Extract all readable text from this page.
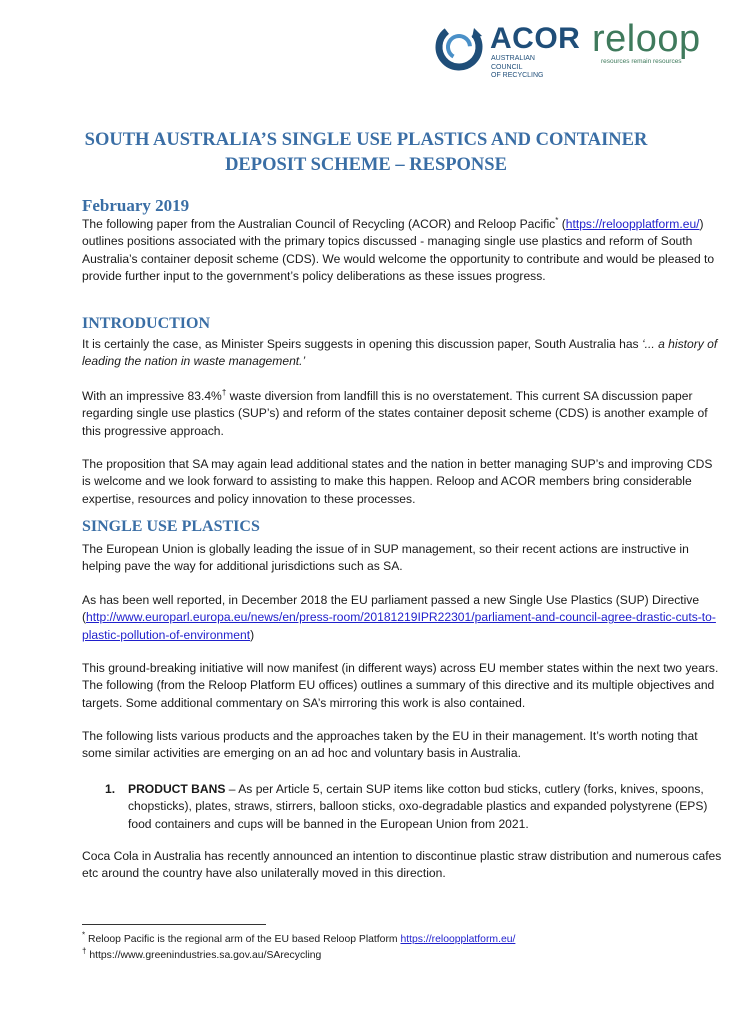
ACOR
AUSTRALIAN COUNCIL
OF RECYCLING
reloop
resources remain resources
SOUTH AUSTRALIA’S SINGLE USE PLASTICS AND CONTAINER DEPOSIT SCHEME – RESPONSE
February 2019

The following paper from the Australian Council of Recycling (ACOR) and Reloop Pacific* (https://reloopplatform.eu/) outlines positions associated with the primary topics discussed - managing single use plastics and reform of South Australia’s container deposit scheme (CDS). We would welcome the opportunity to contribute and would be pleased to provide further input to the government’s policy deliberations as these issues progress.

INTRODUCTION

It is certainly the case, as Minister Speirs suggests in opening this discussion paper, South Australia has ‘... a history of leading the nation in waste management.’

With an impressive 83.4%† waste diversion from landfill this is no overstatement. This current SA discussion paper regarding single use plastics (SUP’s) and reform of the states container deposit scheme (CDS) is another example of this progressive approach.

The proposition that SA may again lead additional states and the nation in better managing SUP’s and improving CDS is welcome and we look forward to assisting to make this happen. Reloop and ACOR members bring considerable expertise, resources and policy innovation to these processes.

SINGLE USE PLASTICS

The European Union is globally leading the issue of in SUP management, so their recent actions are instructive in helping pave the way for additional jurisdictions such as SA.

As has been well reported, in December 2018 the EU parliament passed a new Single Use Plastics (SUP) Directive (http://www.europarl.europa.eu/news/en/press-room/20181219IPR22301/parliament-and-council-agree-drastic-cuts-to-plastic-pollution-of-environment)

This ground-breaking initiative will now manifest (in different ways) across EU member states within the next two years. The following (from the Reloop Platform EU offices) outlines a summary of this directive and its multiple objectives and targets. Some additional commentary on SA’s mirroring this work is also contained.

The following lists various products and the approaches taken by the EU in their management. It’s worth noting that some similar activities are emerging on an ad hoc and voluntary basis in Australia.

1. PRODUCT BANS – As per Article 5, certain SUP items like cotton bud sticks, cutlery (forks, knives, spoons, chopsticks), plates, straws, stirrers, balloon sticks, oxo-degradable plastics and expanded polystyrene (EPS) food containers and cups will be banned in the European Union from 2021.

Coca Cola in Australia has recently announced an intention to discontinue plastic straw distribution and numerous cafes etc around the country have also unilaterally moved in this direction.

* Reloop Pacific is the regional arm of the EU based Reloop Platform https://reloopplatform.eu/
† https://www.greenindustries.sa.gov.au/SArecycling
